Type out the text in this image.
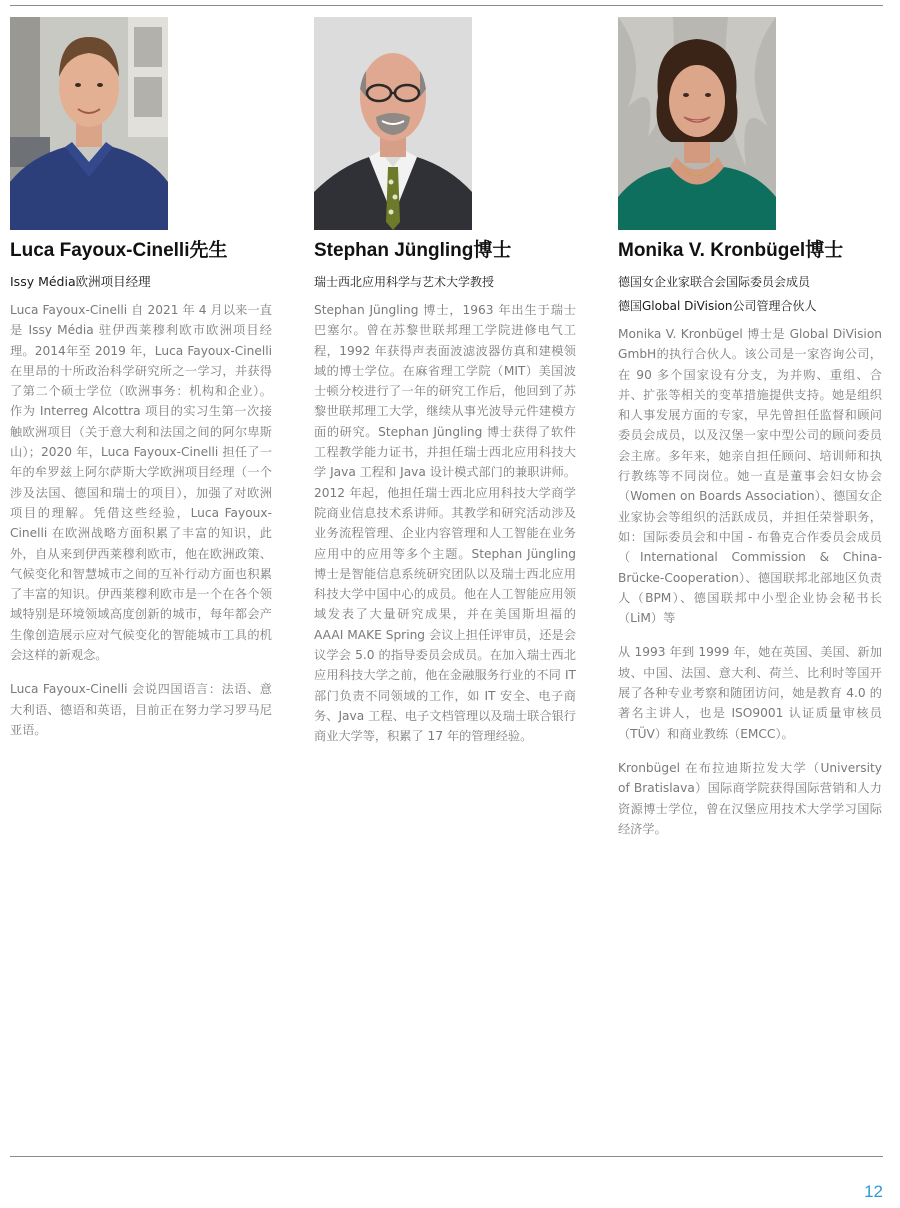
Luca Fayoux-Cinelli先生
Issy Média欧洲项目经理

Luca Fayoux-Cinelli 自 2021 年 4 月以来一直是 Issy Média 驻伊西莱穆利欧市欧洲项目经理。2014年至 2019 年，Luca Fayoux-Cinelli 在里昂的十所政治科学研究所之一学习，并获得了第二个硕士学位（欧洲事务：机构和企业）。作为 Interreg Alcottra 项目的实习生第一次接触欧洲项目（关于意大利和法国之间的阿尔卑斯山）；2020 年，Luca Fayoux-Cinelli 担任了一年的牟罗兹上阿尔萨斯大学欧洲项目经理（一个涉及法国、德国和瑞士的项目），加强了对欧洲项目的理解。凭借这些经验，Luca Fayoux-Cinelli 在欧洲战略方面积累了丰富的知识，此外，自从来到伊西莱穆利欧市，他在欧洲政策、气候变化和智慧城市之间的互补行动方面也积累了丰富的知识。伊西莱穆利欧市是一个在各个领域特别是环境领域高度创新的城市，每年都会产生像创造展示应对气候变化的智能城市工具的机会这样的新观念。

Luca Fayoux-Cinelli 会说四国语言：法语、意大利语、德语和英语，目前正在努力学习罗马尼亚语。

Stephan Jüngling博士
瑞士西北应用科学与艺术大学教授

Stephan Jüngling 博士，1963 年出生于瑞士巴塞尔。曾在苏黎世联邦理工学院进修电气工程，1992 年获得声表面波滤波器仿真和建模领域的博士学位。在麻省理工学院（MIT）美国波士顿分校进行了一年的研究工作后，他回到了苏黎世联邦理工大学，继续从事光波导元件建模方面的研究。Stephan Jüngling 博士获得了软件工程教学能力证书，并担任瑞士西北应用科技大学 Java 工程和 Java 设计模式部门的兼职讲师。2012 年起，他担任瑞士西北应用科技大学商学院商业信息技术系讲师。其教学和研究活动涉及业务流程管理、企业内容管理和人工智能在业务应用中的应用等多个主题。Stephan Jüngling 博士是智能信息系统研究团队以及瑞士西北应用科技大学中国中心的成员。他在人工智能应用领域发表了大量研究成果，并在美国斯坦福的 AAAI MAKE Spring 会议上担任评审员，还是会议学会 5.0 的指导委员会成员。在加入瑞士西北应用科技大学之前，他在金融服务行业的不同 IT 部门负责不同领域的工作，如 IT 安全、电子商务、Java 工程、电子文档管理以及瑞士联合银行商业大学等，积累了 17 年的管理经验。

Monika V. Kronbügel博士
德国女企业家联合会国际委员会成员
德国Global DiVision公司管理合伙人

Monika V. Kronbügel 博士是 Global DiVision GmbH的执行合伙人。该公司是一家咨询公司，在 90 多个国家设有分支，为并购、重组、合并、扩张等相关的变革措施提供支持。她是组织和人事发展方面的专家，早先曾担任监督和顾问委员会成员，以及汉堡一家中型公司的顾问委员会主席。多年来，她亲自担任顾问、培训师和执行教练等不同岗位。她一直是董事会妇女协会（Women on Boards Association）、德国女企业家协会等组织的活跃成员，并担任荣誉职务，如：国际委员会和中国 - 布鲁克合作委员会成员（International Commission & China-Brücke-Cooperation）、德国联邦北部地区负责人（BPM）、德国联邦中小型企业协会秘书长（LiM）等

从 1993 年到 1999 年，她在英国、美国、新加坡、中国、法国、意大利、荷兰、比利时等国开展了各种专业考察和随团访问，她是教育 4.0 的著名主讲人，也是 ISO9001 认证质量审核员（TÜV）和商业教练（EMCC）。

Kronbügel 在布拉迪斯拉发大学（University of Bratislava）国际商学院获得国际营销和人力资源博士学位，曾在汉堡应用技术大学学习国际经济学。

12
